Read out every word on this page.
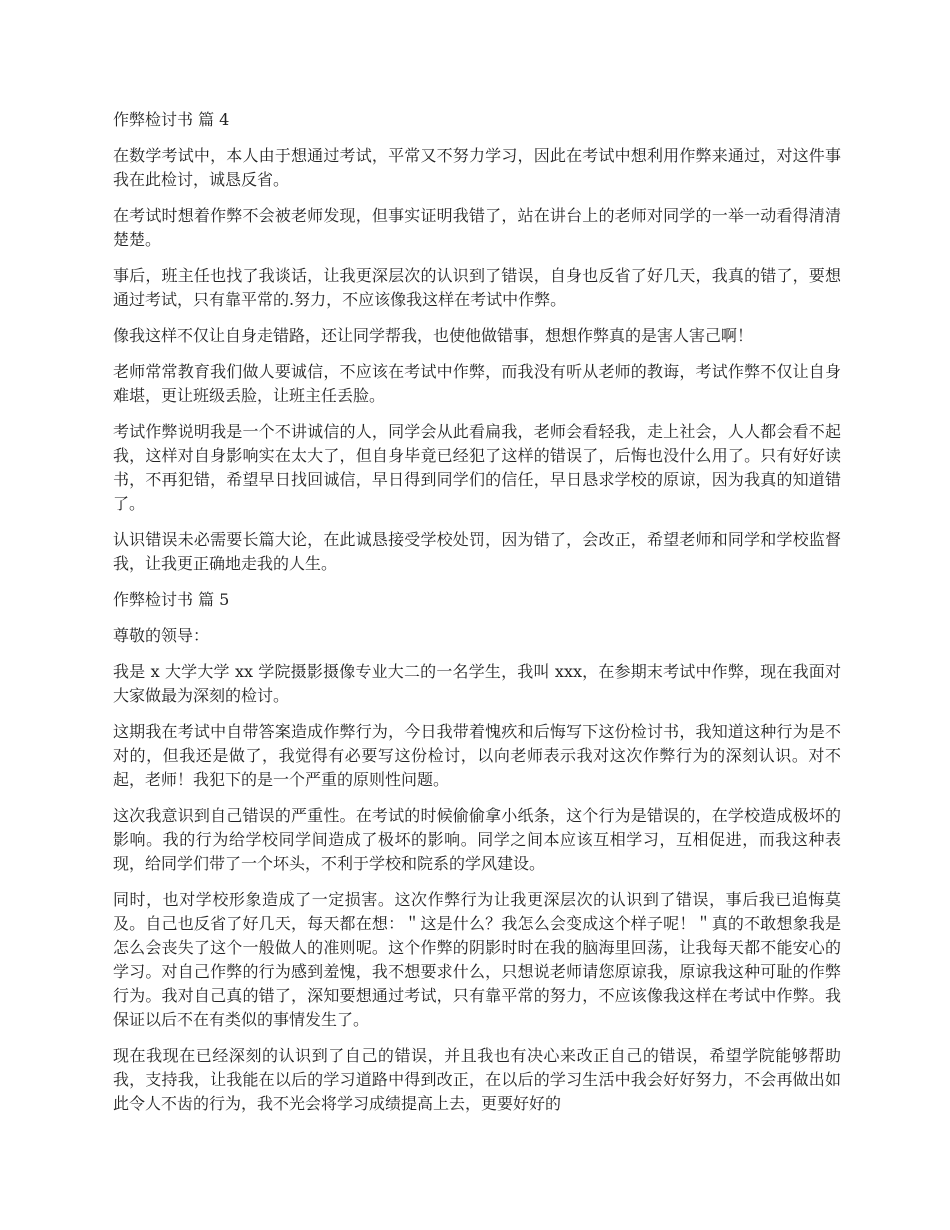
作弊检讨书 篇 4

在数学考试中，本人由于想通过考试，平常又不努力学习，因此在考试中想利用作弊来通过，对这件事我在此检讨，诚恳反省。

在考试时想着作弊不会被老师发现，但事实证明我错了，站在讲台上的老师对同学的一举一动看得清清楚楚。

事后，班主任也找了我谈话，让我更深层次的认识到了错误，自身也反省了好几天，我真的错了，要想通过考试，只有靠平常的.努力，不应该像我这样在考试中作弊。

像我这样不仅让自身走错路，还让同学帮我，也使他做错事，想想作弊真的是害人害己啊！

老师常常教育我们做人要诚信，不应该在考试中作弊，而我没有听从老师的教诲，考试作弊不仅让自身难堪，更让班级丢脸，让班主任丢脸。

考试作弊说明我是一个不讲诚信的人，同学会从此看扁我，老师会看轻我，走上社会，人人都会看不起我，这样对自身影响实在太大了，但自身毕竟已经犯了这样的错误了，后悔也没什么用了。只有好好读书，不再犯错，希望早日找回诚信，早日得到同学们的信任，早日恳求学校的原谅，因为我真的知道错了。

认识错误未必需要长篇大论，在此诚恳接受学校处罚，因为错了，会改正，希望老师和同学和学校监督我，让我更正确地走我的人生。

作弊检讨书 篇 5

尊敬的领导：

我是 x 大学大学 xx 学院摄影摄像专业大二的一名学生，我叫 xxx，在参期末考试中作弊，现在我面对大家做最为深刻的检讨。

这期我在考试中自带答案造成作弊行为，今日我带着愧疚和后悔写下这份检讨书，我知道这种行为是不对的，但我还是做了，我觉得有必要写这份检讨，以向老师表示我对这次作弊行为的深刻认识。对不起，老师！我犯下的是一个严重的原则性问题。

这次我意识到自己错误的严重性。在考试的时候偷偷拿小纸条，这个行为是错误的，在学校造成极坏的影响。我的行为给学校同学间造成了极坏的影响。同学之间本应该互相学习，互相促进，而我这种表现，给同学们带了一个坏头，不利于学校和院系的学风建设。

同时，也对学校形象造成了一定损害。这次作弊行为让我更深层次的认识到了错误，事后我已追悔莫及。自己也反省了好几天，每天都在想：＂这是什么？我怎么会变成这个样子呢！＂真的不敢想象我是怎么会丧失了这个一般做人的准则呢。这个作弊的阴影时时在我的脑海里回荡，让我每天都不能安心的学习。对自己作弊的行为感到羞愧，我不想要求什么，只想说老师请您原谅我，原谅我这种可耻的作弊行为。我对自己真的错了，深知要想通过考试，只有靠平常的努力，不应该像我这样在考试中作弊。我保证以后不在有类似的事情发生了。

现在我现在已经深刻的认识到了自己的错误，并且我也有决心来改正自己的错误，希望学院能够帮助我，支持我，让我能在以后的学习道路中得到改正，在以后的学习生活中我会好好努力，不会再做出如此令人不齿的行为，我不光会将学习成绩提高上去，更要好好的
